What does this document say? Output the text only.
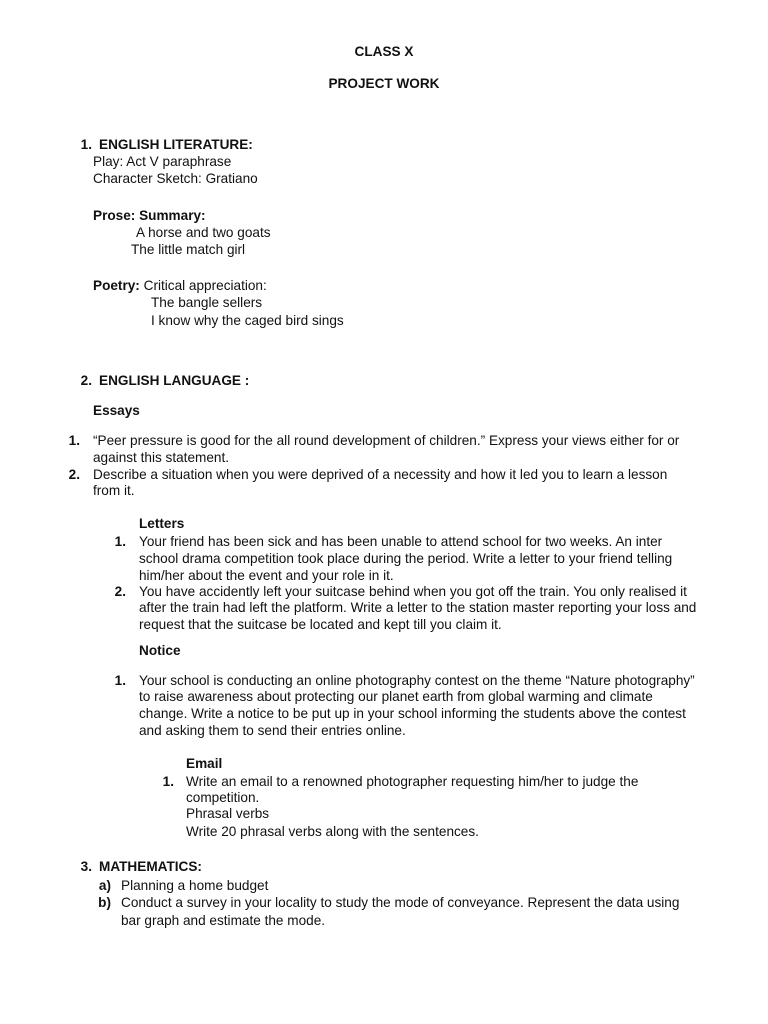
CLASS X
PROJECT WORK
1. ENGLISH LITERATURE:
Play: Act V paraphrase
Character Sketch: Gratiano
Prose: Summary:
A horse and two goats
The little match girl
Poetry: Critical appreciation:
The bangle sellers
I know why the caged bird sings
2. ENGLISH LANGUAGE :
Essays
1. “Peer pressure is good for the all round development of children.” Express your views either for or
against this statement.
2. Describe a situation when you were deprived of a necessity and how it led you to learn a lesson
from it.
Letters
1. Your friend has been sick and has been unable to attend school for two weeks. An inter
school drama competition took place during the period. Write a letter to your friend telling
him/her about the event and your role in it.
2. You have accidently left your suitcase behind when you got off the train. You only realised it
after the train had left the platform. Write a letter to the station master reporting your loss and
request that the suitcase be located and kept till you claim it.
Notice
1. Your school is conducting an online photography contest on the theme “Nature photography”
to raise awareness about protecting our planet earth from global warming and climate
change. Write a notice to be put up in your school informing the students above the contest
and asking them to send their entries online.
Email
1. Write an email to a renowned photographer requesting him/her to judge the
competition.
Phrasal verbs
Write 20 phrasal verbs along with the sentences.
3. MATHEMATICS:
a) Planning a home budget
b) Conduct a survey in your locality to study the mode of conveyance. Represent the data using
bar graph and estimate the mode.
